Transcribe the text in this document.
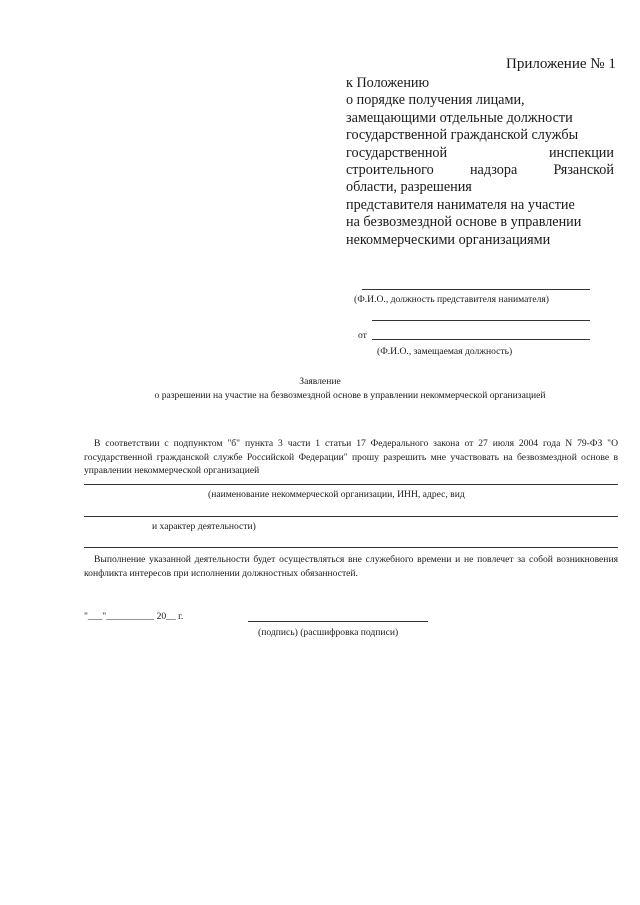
Приложение № 1
к Положению
о порядке получения лицами,
замещающими отдельные должности
государственной гражданской службы
государственной	инспекции
строительного	надзора	Рязанской
области, разрешения
представителя нанимателя на участие
на безвозмездной основе в управлении
некоммерческими организациями
(Ф.И.О., должность представителя нанимателя)
от
(Ф.И.О., замещаемая должность)
Заявление
о разрешении на участие на безвозмездной основе в управлении некоммерческой организацией
В соответствии с подпунктом "б" пункта 3 части 1 статьи 17 Федерального закона от 27 июля 2004 года N 79-ФЗ "О государственной гражданской службе Российской Федерации" прошу разрешить мне участвовать на безвозмездной основе в управлении некоммерческой организацией
(наименование некоммерческой организации, ИНН, адрес, вид
и характер деятельности)
Выполнение указанной деятельности будет осуществляться вне служебного времени и не повлечет за собой возникновения конфликта интересов при исполнении должностных обязанностей.
"___"__________ 20__ г.
(подпись) (расшифровка подписи)
